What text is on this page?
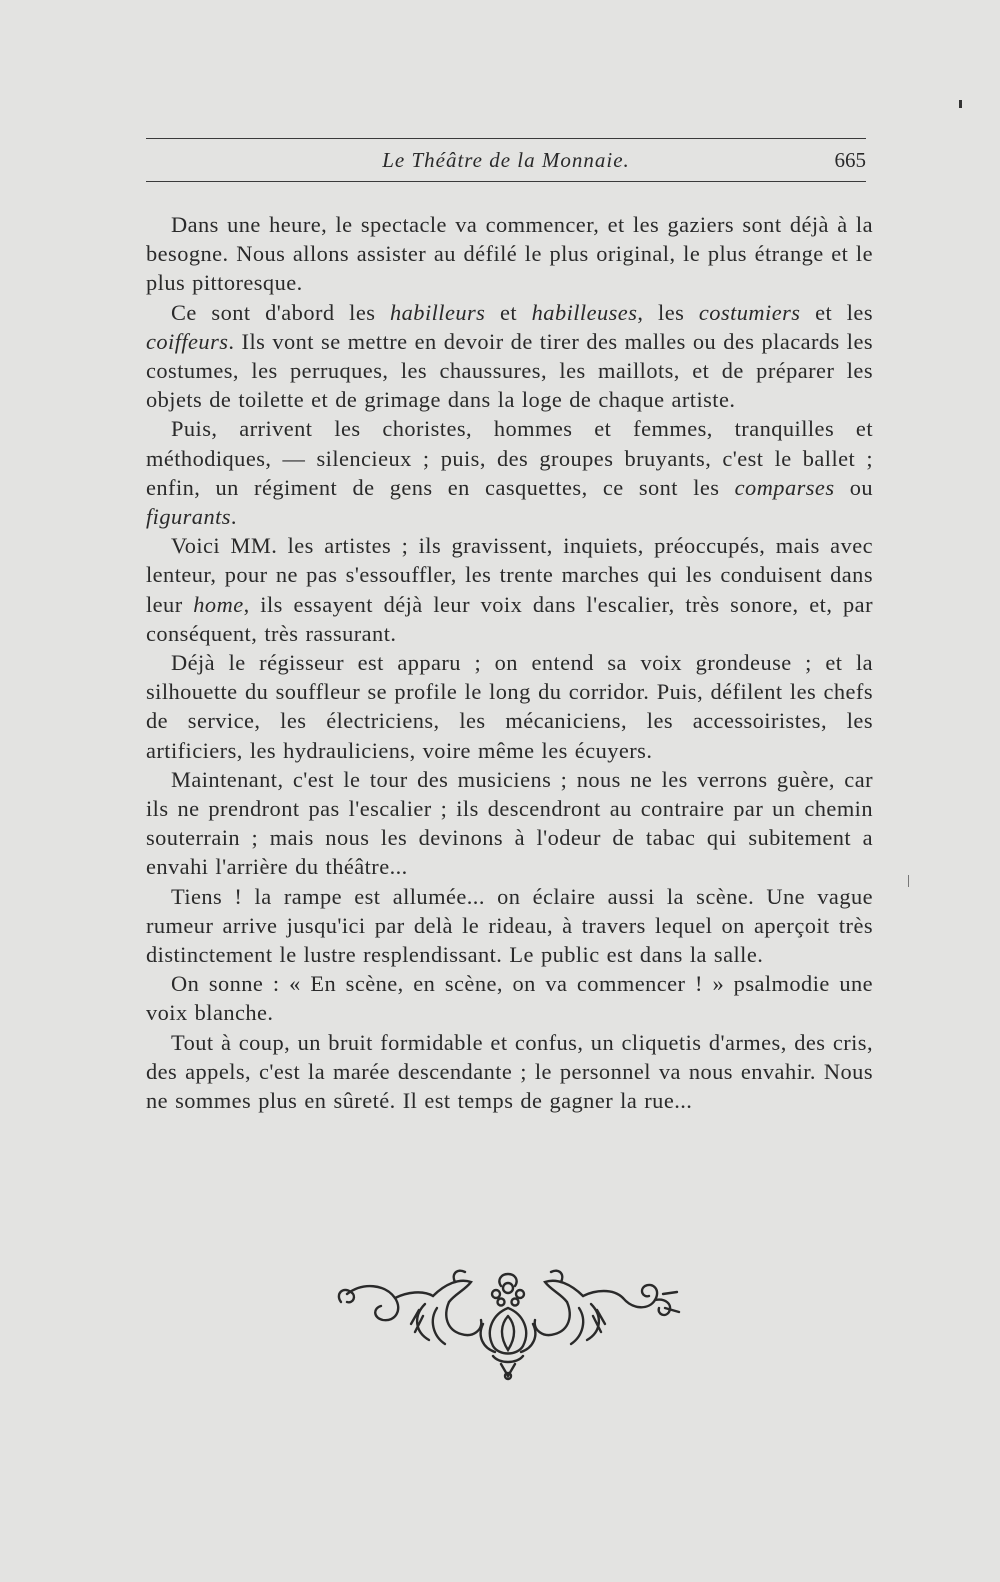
Le Théâtre de la Monnaie.	665

Dans une heure, le spectacle va commencer, et les gaziers sont déjà à la besogne. Nous allons assister au défilé le plus original, le plus étrange et le plus pittoresque.

Ce sont d'abord les habilleurs et habilleuses, les costumiers et les coiffeurs. Ils vont se mettre en devoir de tirer des malles ou des placards les costumes, les perruques, les chaussures, les maillots, et de préparer les objets de toilette et de grimage dans la loge de chaque artiste.

Puis, arrivent les choristes, hommes et femmes, tranquilles et méthodiques, — silencieux ; puis, des groupes bruyants, c'est le ballet ; enfin, un régiment de gens en casquettes, ce sont les comparses ou figurants.

Voici MM. les artistes ; ils gravissent, inquiets, préoccupés, mais avec lenteur, pour ne pas s'essouffler, les trente marches qui les conduisent dans leur home, ils essayent déjà leur voix dans l'escalier, très sonore, et, par conséquent, très rassurant.

Déjà le régisseur est apparu ; on entend sa voix grondeuse ; et la silhouette du souffleur se profile le long du corridor. Puis, défilent les chefs de service, les électriciens, les mécaniciens, les accessoiristes, les artificiers, les hydrauliciens, voire même les écuyers.

Maintenant, c'est le tour des musiciens ; nous ne les verrons guère, car ils ne prendront pas l'escalier ; ils descendront au contraire par un chemin souterrain ; mais nous les devinons à l'odeur de tabac qui subitement a envahi l'arrière du théâtre...

Tiens ! la rampe est allumée... on éclaire aussi la scène. Une vague rumeur arrive jusqu'ici par delà le rideau, à travers lequel on aperçoit très distinctement le lustre resplendissant. Le public est dans la salle.

On sonne : « En scène, en scène, on va commencer ! » psalmodie une voix blanche.

Tout à coup, un bruit formidable et confus, un cliquetis d'armes, des cris, des appels, c'est la marée descendante ; le personnel va nous envahir. Nous ne sommes plus en sûreté. Il est temps de gagner la rue...
